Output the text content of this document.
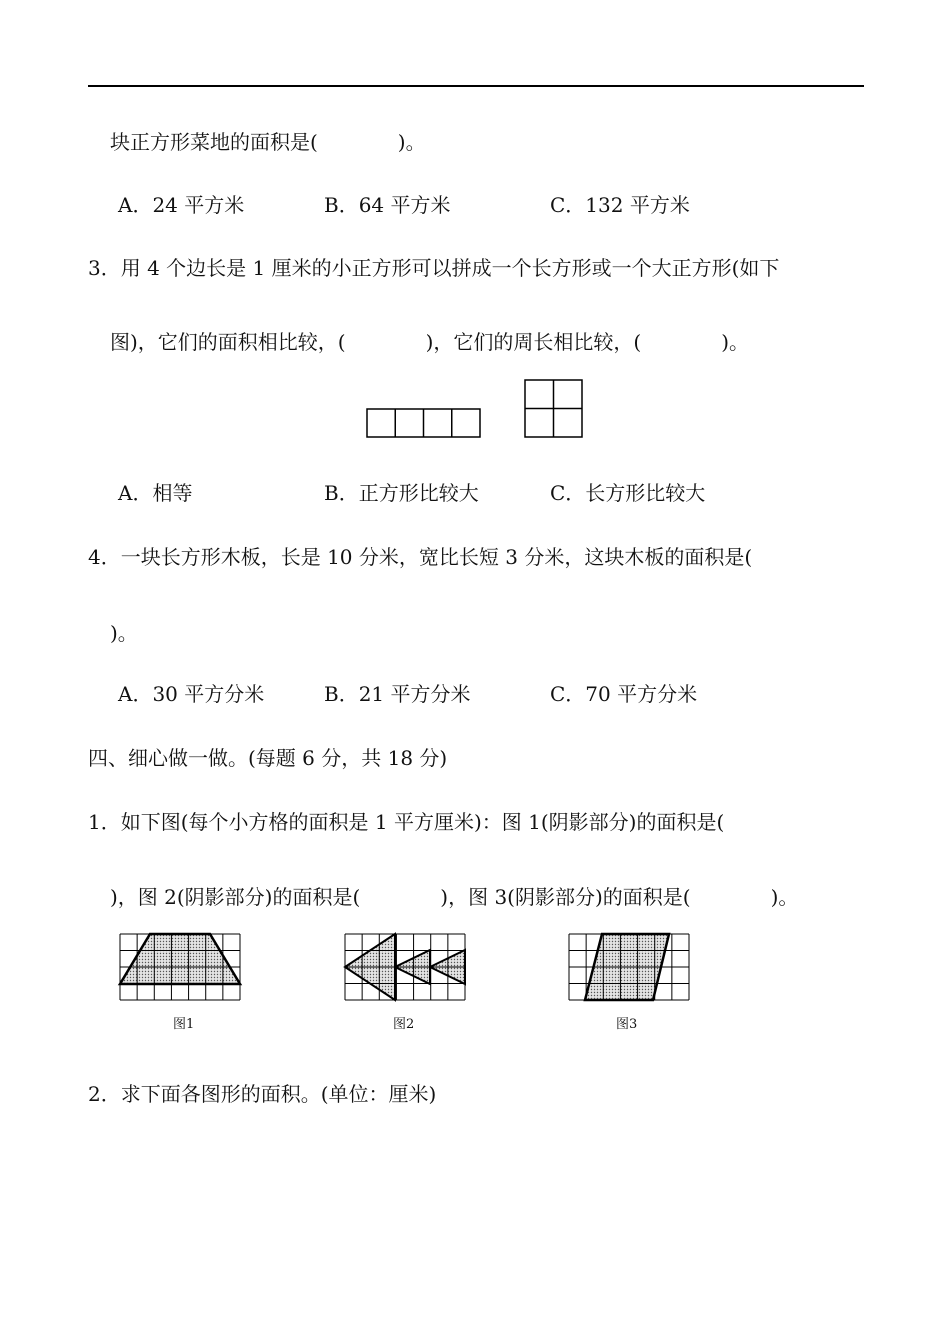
块正方形菜地的面积是(　　　　)。
A．24 平方米	B．64 平方米	C．132 平方米
3．用 4 个边长是 1 厘米的小正方形可以拼成一个长方形或一个大正方形(如下
图)，它们的面积相比较，(　　　　)，它们的周长相比较，(　　　　)。
A．相等	B．正方形比较大	C．长方形比较大
4．一块长方形木板，长是 10 分米，宽比长短 3 分米，这块木板的面积是(
)。
A．30 平方分米	B．21 平方分米	C．70 平方分米
四、细心做一做。(每题 6 分，共 18 分)
1．如下图(每个小方格的面积是 1 平方厘米)：图 1(阴影部分)的面积是(
)，图 2(阴影部分)的面积是(　　　　)，图 3(阴影部分)的面积是(　　　　)。
图1	图2	图3
2．求下面各图形的面积。(单位：厘米)
